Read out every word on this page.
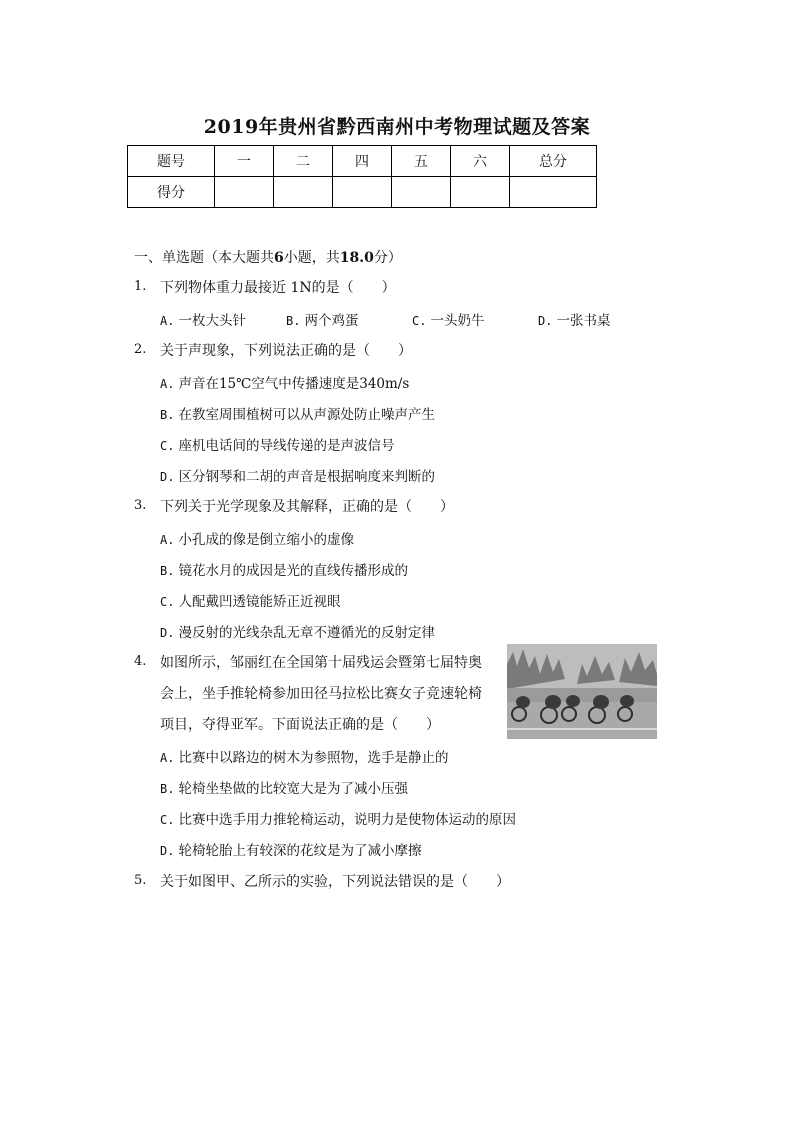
2019年贵州省黔西南州中考物理试题及答案
题号	一	二	四	五	六	总分
得分						
一、单选题（本大题共6小题，共18.0分）
1. 下列物体重力最接近 1N的是（　　）
A. 一枚大头针	B. 两个鸡蛋	C. 一头奶牛	D. 一张书桌
2. 关于声现象，下列说法正确的是（　　）
A. 声音在15℃空气中传播速度是340m/s
B. 在教室周围植树可以从声源处防止噪声产生
C. 座机电话间的导线传递的是声波信号
D. 区分钢琴和二胡的声音是根据响度来判断的
3. 下列关于光学现象及其解释，正确的是（　　）
A. 小孔成的像是倒立缩小的虚像
B. 镜花水月的成因是光的直线传播形成的
C. 人配戴凹透镜能矫正近视眼
D. 漫反射的光线杂乱无章不遵循光的反射定律
4. 如图所示，邹丽红在全国第十届残运会暨第七届特奥
会上，坐手推轮椅参加田径马拉松比赛女子竞速轮椅
项目，夺得亚军。下面说法正确的是（　　）
A. 比赛中以路边的树木为参照物，选手是静止的
B. 轮椅坐垫做的比较宽大是为了减小压强
C. 比赛中选手用力推轮椅运动，说明力是使物体运动的原因
D. 轮椅轮胎上有较深的花纹是为了减小摩擦
5. 关于如图甲、乙所示的实验，下列说法错误的是（　　）
